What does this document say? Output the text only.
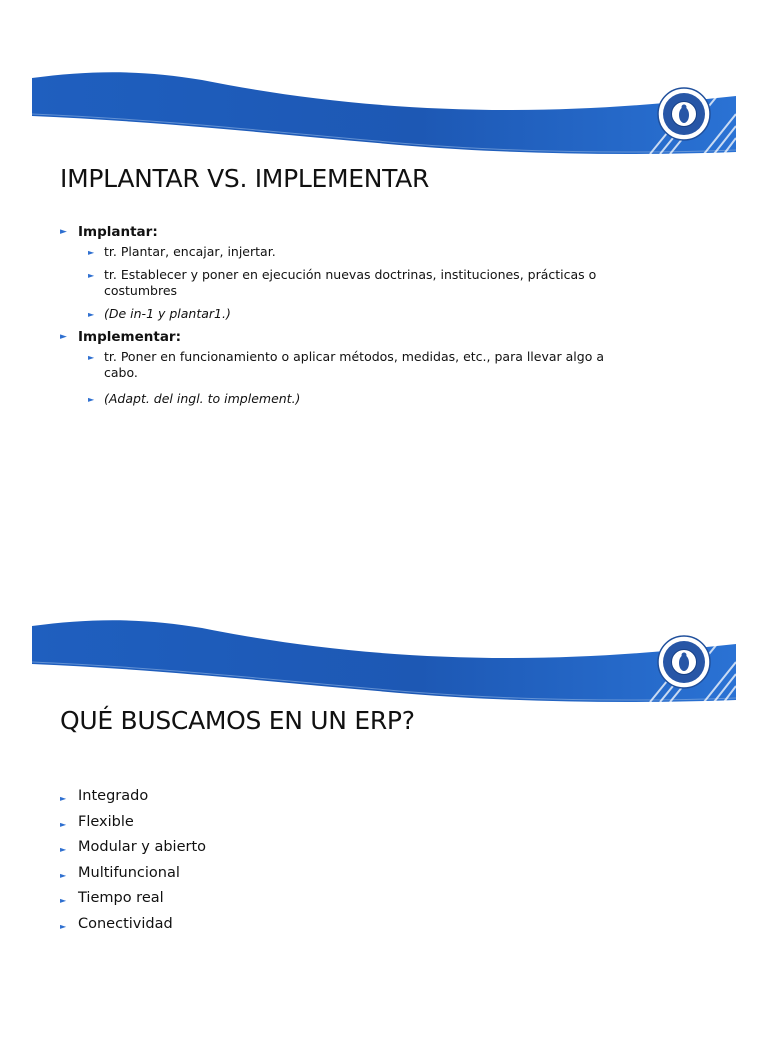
IMPLANTAR VS. IMPLEMENTAR
► Implantar:
► tr. Plantar, encajar, injertar.
► tr. Establecer y poner en ejecución nuevas doctrinas, instituciones, prácticas o costumbres
► (De in-1 y plantar1.)
► Implementar:
► tr. Poner en funcionamiento o aplicar métodos, medidas, etc., para llevar algo a cabo.
► (Adapt. del ingl. to implement.)
QUÉ BUSCAMOS EN UN ERP?
► Integrado
► Flexible
► Modular y abierto
► Multifuncional
► Tiempo real
► Conectividad
